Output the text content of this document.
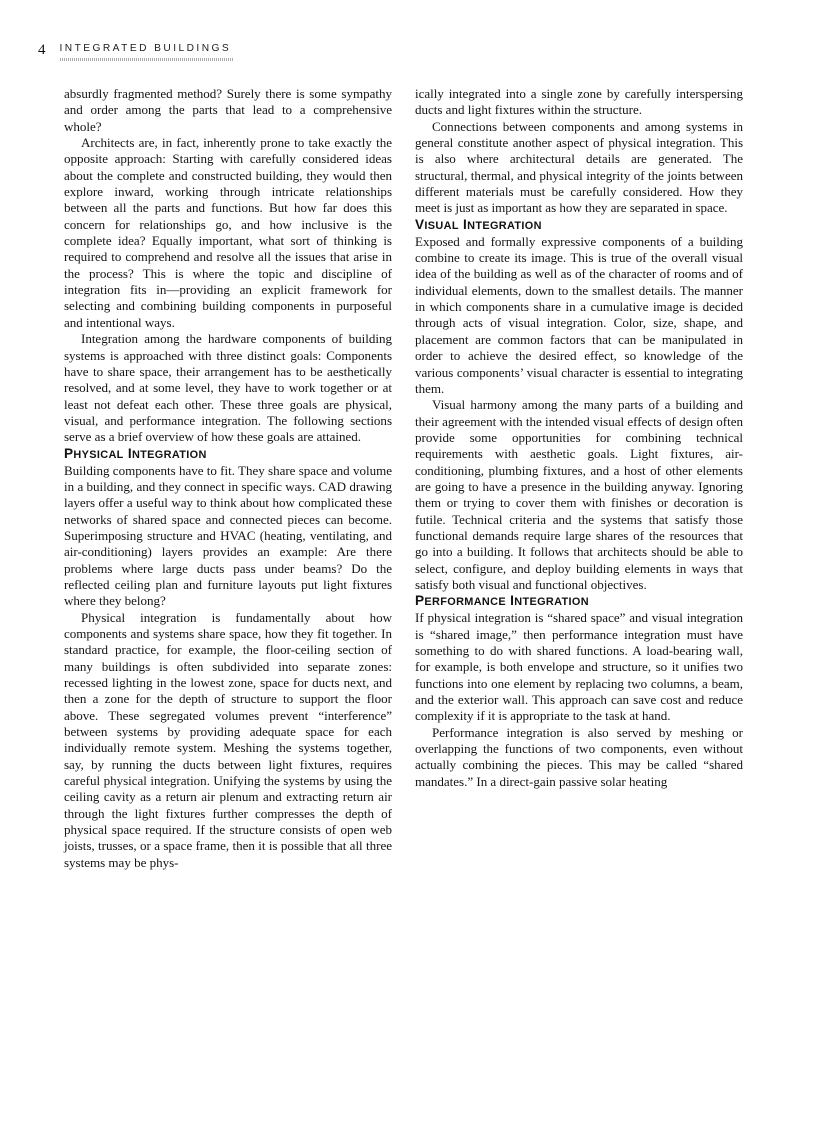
4 INTEGRATED BUILDINGS

absurdly fragmented method? Surely there is some sympathy and order among the parts that lead to a comprehensive whole?

Architects are, in fact, inherently prone to take exactly the opposite approach: Starting with carefully considered ideas about the complete and constructed building, they would then explore inward, working through intricate relationships between all the parts and functions. But how far does this concern for relationships go, and how inclusive is the complete idea? Equally important, what sort of thinking is required to comprehend and resolve all the issues that arise in the process? This is where the topic and discipline of integration fits in—providing an explicit framework for selecting and combining building components in purposeful and intentional ways.

Integration among the hardware components of building systems is approached with three distinct goals: Components have to share space, their arrangement has to be aesthetically resolved, and at some level, they have to work together or at least not defeat each other. These three goals are physical, visual, and performance integration. The following sections serve as a brief overview of how these goals are attained.

PHYSICAL INTEGRATION

Building components have to fit. They share space and volume in a building, and they connect in specific ways. CAD drawing layers offer a useful way to think about how complicated these networks of shared space and connected pieces can become. Superimposing structure and HVAC (heating, ventilating, and air-conditioning) layers provides an example: Are there problems where large ducts pass under beams? Do the reflected ceiling plan and furniture layouts put light fixtures where they belong?

Physical integration is fundamentally about how components and systems share space, how they fit together. In standard practice, for example, the floor-ceiling section of many buildings is often subdivided into separate zones: recessed lighting in the lowest zone, space for ducts next, and then a zone for the depth of structure to support the floor above. These segregated volumes prevent “interference” between systems by providing adequate space for each individually remote system. Meshing the systems together, say, by running the ducts between light fixtures, requires careful physical integration. Unifying the systems by using the ceiling cavity as a return air plenum and extracting return air through the light fixtures further compresses the depth of physical space required. If the structure consists of open web joists, trusses, or a space frame, then it is possible that all three systems may be phys-

ically integrated into a single zone by carefully interspersing ducts and light fixtures within the structure.

Connections between components and among systems in general constitute another aspect of physical integration. This is also where architectural details are generated. The structural, thermal, and physical integrity of the joints between different materials must be carefully considered. How they meet is just as important as how they are separated in space.

VISUAL INTEGRATION

Exposed and formally expressive components of a building combine to create its image. This is true of the overall visual idea of the building as well as of the character of rooms and of individual elements, down to the smallest details. The manner in which components share in a cumulative image is decided through acts of visual integration. Color, size, shape, and placement are common factors that can be manipulated in order to achieve the desired effect, so knowledge of the various components’ visual character is essential to integrating them.

Visual harmony among the many parts of a building and their agreement with the intended visual effects of design often provide some opportunities for combining technical requirements with aesthetic goals. Light fixtures, air-conditioning, plumbing fixtures, and a host of other elements are going to have a presence in the building anyway. Ignoring them or trying to cover them with finishes or decoration is futile. Technical criteria and the systems that satisfy those functional demands require large shares of the resources that go into a building. It follows that architects should be able to select, configure, and deploy building elements in ways that satisfy both visual and functional objectives.

PERFORMANCE INTEGRATION

If physical integration is “shared space” and visual integration is “shared image,” then performance integration must have something to do with shared functions. A load-bearing wall, for example, is both envelope and structure, so it unifies two functions into one element by replacing two columns, a beam, and the exterior wall. This approach can save cost and reduce complexity if it is appropriate to the task at hand.

Performance integration is also served by meshing or overlapping the functions of two components, even without actually combining the pieces. This may be called “shared mandates.” In a direct-gain passive solar heating
